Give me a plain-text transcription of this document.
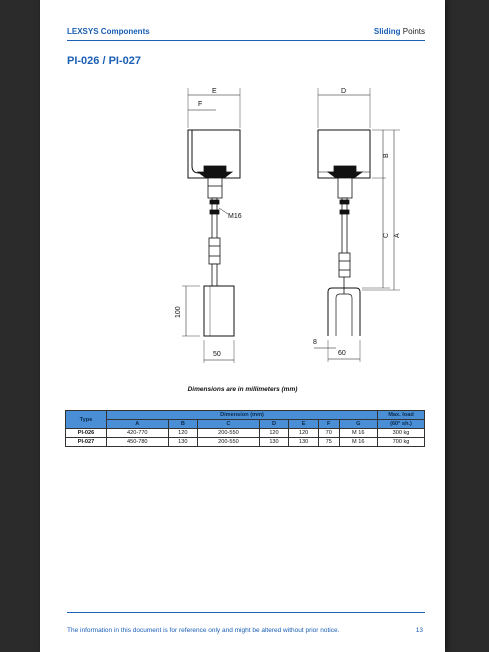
LEXSYS Components	Sliding Points
PI-026 / PI-027
E
F
M16
100
50
D
B
C A
8
60
Dimensions are in millimeters (mm)
Type	Dimension (mm)							Max. load
	A	B	C	D	E	F	G	(60° sh.)
PI-026	420-770	120	200-550	120	120	70	M 16	300 kg
PI-027	450-780	130	200-550	130	130	75	M 16	700 kg
The information in this document is for reference only and might be altered without prior notice.	13
